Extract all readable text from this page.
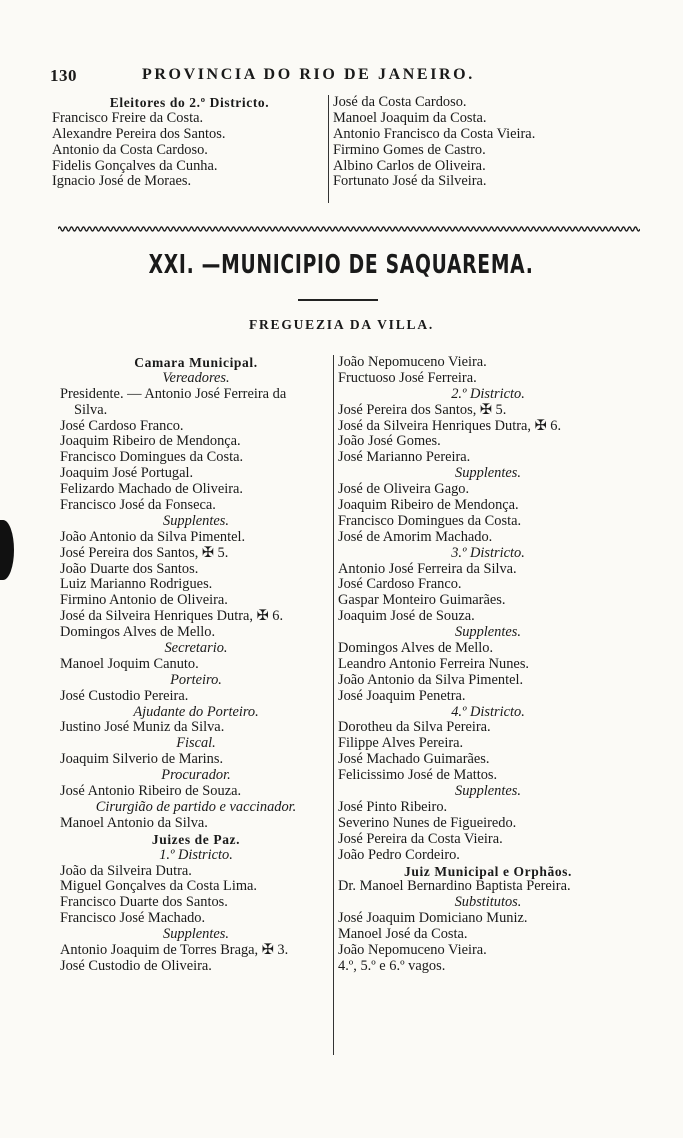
130	PROVINCIA DO RIO DE JANEIRO.
Eleitores do 2.º Districto.
Francisco Freire da Costa.
Alexandre Pereira dos Santos.
Antonio da Costa Cardoso.
Fidelis Gonçalves da Cunha.
Ignacio José de Moraes.
José da Costa Cardoso.
Manoel Joaquim da Costa.
Antonio Francisco da Costa Vieira.
Firmino Gomes de Castro.
Albino Carlos de Oliveira.
Fortunato José da Silveira.
XXI. —MUNICIPIO DE SAQUAREMA.
FREGUEZIA DA VILLA.
Camara Municipal.
Vereadores.
Presidente. — Antonio José Ferreira da
Silva.
José Cardoso Franco.
Joaquim Ribeiro de Mendonça.
Francisco Domingues da Costa.
Joaquim José Portugal.
Felizardo Machado de Oliveira.
Francisco José da Fonseca.
Supplentes.
João Antonio da Silva Pimentel.
José Pereira dos Santos, ✠ 5.
João Duarte dos Santos.
Luiz Marianno Rodrigues.
Firmino Antonio de Oliveira.
José da Silveira Henriques Dutra, ✠ 6.
Domingos Alves de Mello.
Secretario.
Manoel Joquim Canuto.
Porteiro.
José Custodio Pereira.
Ajudante do Porteiro.
Justino José Muniz da Silva.
Fiscal.
Joaquim Silverio de Marins.
Procurador.
José Antonio Ribeiro de Souza.
Cirurgião de partido e vaccinador.
Manoel Antonio da Silva.
Juizes de Paz.
1.º Districto.
João da Silveira Dutra.
Miguel Gonçalves da Costa Lima.
Francisco Duarte dos Santos.
Francisco José Machado.
Supplentes.
Antonio Joaquim de Torres Braga, ✠ 3.
José Custodio de Oliveira.
João Nepomuceno Vieira.
Fructuoso José Ferreira.
2.º Districto.
José Pereira dos Santos, ✠ 5.
José da Silveira Henriques Dutra, ✠ 6.
João José Gomes.
José Marianno Pereira.
Supplentes.
José de Oliveira Gago.
Joaquim Ribeiro de Mendonça.
Francisco Domingues da Costa.
José de Amorim Machado.
3.º Districto.
Antonio José Ferreira da Silva.
José Cardoso Franco.
Gaspar Monteiro Guimarães.
Joaquim José de Souza.
Supplentes.
Domingos Alves de Mello.
Leandro Antonio Ferreira Nunes.
João Antonio da Silva Pimentel.
José Joaquim Penetra.
4.º Districto.
Dorotheu da Silva Pereira.
Filippe Alves Pereira.
José Machado Guimarães.
Felicissimo José de Mattos.
Supplentes.
José Pinto Ribeiro.
Severino Nunes de Figueiredo.
José Pereira da Costa Vieira.
João Pedro Cordeiro.
Juiz Municipal e Orphãos.
Dr. Manoel Bernardino Baptista Pereira.
Substitutos.
José Joaquim Domiciano Muniz.
Manoel José da Costa.
João Nepomuceno Vieira.
4.º, 5.º e 6.º vagos.
